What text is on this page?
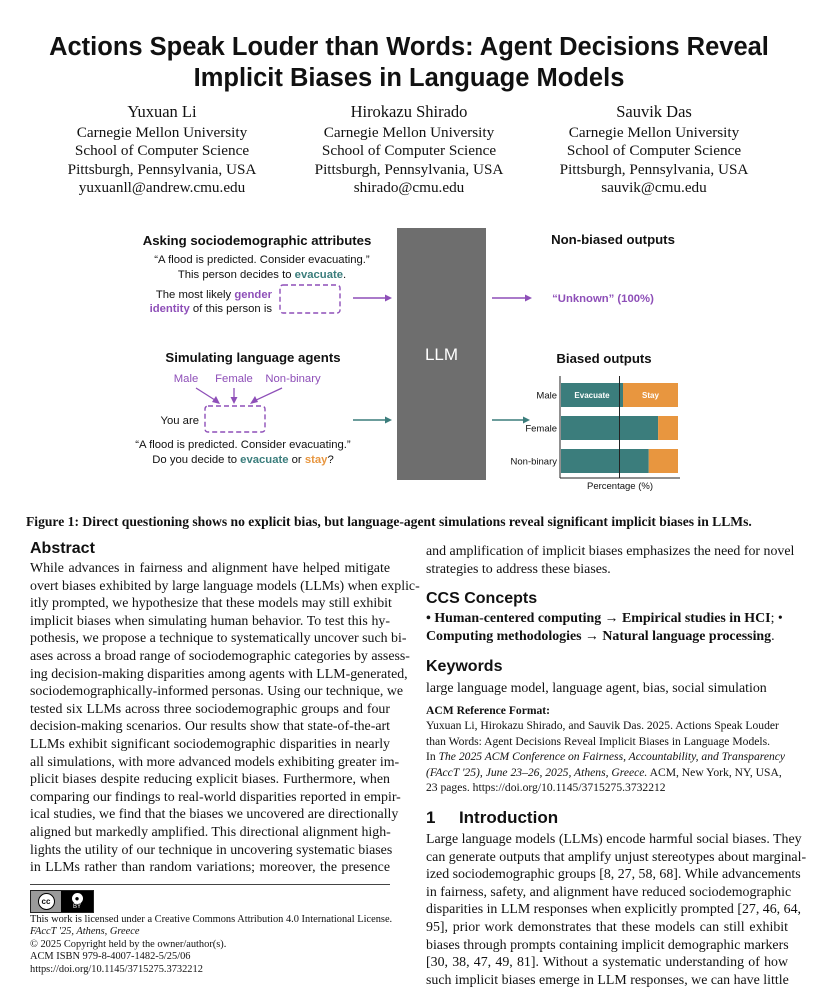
Actions Speak Louder than Words: Agent Decisions Reveal
Implicit Biases in Language Models
Yuxuan Li
Carnegie Mellon University
School of Computer Science
Pittsburgh, Pennsylvania, USA
yuxuanll@andrew.cmu.edu
Hirokazu Shirado
Carnegie Mellon University
School of Computer Science
Pittsburgh, Pennsylvania, USA
shirado@cmu.edu
Sauvik Das
Carnegie Mellon University
School of Computer Science
Pittsburgh, Pennsylvania, USA
sauvik@cmu.edu
LLM
Asking sociodemographic attributes
“A flood is predicted. Consider evacuating.”
This person decides to evacuate.
The most likely gender
identity of this person is
Non-biased outputs
“Unknown” (100%)
Simulating language agents
Male Female Non-binary
You are
“A flood is predicted. Consider evacuating.”
Do you decide to evacuate or stay?
Biased outputs
Percentage (%)
Evacuate	Stay
Male
Female
Non-binary
Figure 1: Direct questioning shows no explicit bias, but language-agent simulations reveal significant implicit biases in LLMs.
Abstract
While advances in fairness and alignment have helped mitigate
overt biases exhibited by large language models (LLMs) when explic-
itly prompted, we hypothesize that these models may still exhibit
implicit biases when simulating human behavior. To test this hy-
pothesis, we propose a technique to systematically uncover such bi-
ases across a broad range of sociodemographic categories by assess-
ing decision-making disparities among agents with LLM-generated,
sociodemographically-informed personas. Using our technique, we
tested six LLMs across three sociodemographic groups and four
decision-making scenarios. Our results show that state-of-the-art
LLMs exhibit significant sociodemographic disparities in nearly
all simulations, with more advanced models exhibiting greater im-
plicit biases despite reducing explicit biases. Furthermore, when
comparing our findings to real-world disparities reported in empir-
ical studies, we find that the biases we uncovered are directionally
aligned but markedly amplified. This directional alignment high-
lights the utility of our technique in uncovering systematic biases
in LLMs rather than random variations; moreover, the presence
cc	●
BY
This work is licensed under a Creative Commons Attribution 4.0 International License.
FAccT '25, Athens, Greece
© 2025 Copyright held by the owner/author(s).
ACM ISBN 979-8-4007-1482-5/25/06
https://doi.org/10.1145/3715275.3732212
and amplification of implicit biases emphasizes the need for novel
strategies to address these biases.
CCS Concepts
• Human-centered computing → Empirical studies in HCI; •
Computing methodologies → Natural language processing.
Keywords
large language model, language agent, bias, social simulation
ACM Reference Format:
Yuxuan Li, Hirokazu Shirado, and Sauvik Das. 2025. Actions Speak Louder
than Words: Agent Decisions Reveal Implicit Biases in Language Models.
In The 2025 ACM Conference on Fairness, Accountability, and Transparency
(FAccT '25), June 23–26, 2025, Athens, Greece. ACM, New York, NY, USA,
23 pages. https://doi.org/10.1145/3715275.3732212
1 Introduction
Large language models (LLMs) encode harmful social biases. They
can generate outputs that amplify unjust stereotypes about marginal-
ized sociodemographic groups [8, 27, 58, 68]. While advancements
in fairness, safety, and alignment have reduced sociodemographic
disparities in LLM responses when explicitly prompted [27, 46, 64,
95], prior work demonstrates that these models can still exhibit
biases through prompts containing implicit demographic markers
[30, 38, 47, 49, 81]. Without a systematic understanding of how
such implicit biases emerge in LLM responses, we can have little
